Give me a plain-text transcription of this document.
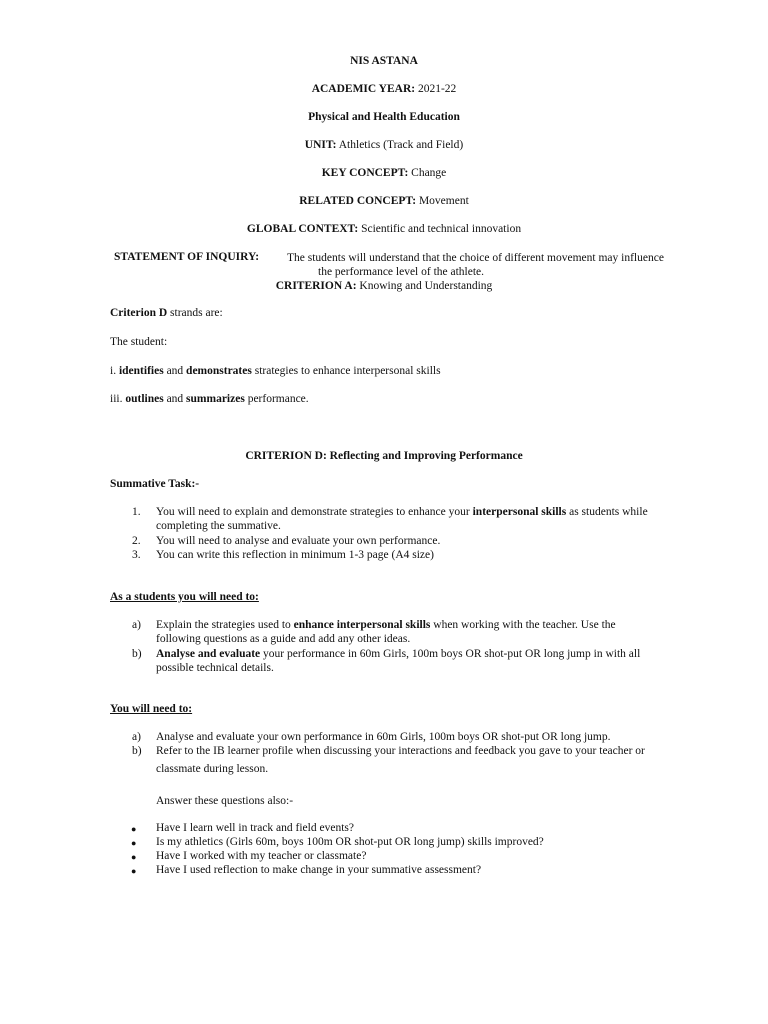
NIS ASTANA
ACADEMIC YEAR: 2021-22
Physical and Health Education
UNIT: Athletics (Track and Field)
KEY CONCEPT: Change
RELATED CONCEPT: Movement
GLOBAL CONTEXT: Scientific and technical innovation
STATEMENT OF INQUIRY: The students will understand that the choice of different movement may influence
the performance level of the athlete.
CRITERION A: Knowing and Understanding
Criterion D strands are:
The student:
i. identifies and demonstrates strategies to enhance interpersonal skills
iii. outlines and summarizes performance.
CRITERION D: Reflecting and Improving Performance
Summative Task:-
1. You will need to explain and demonstrate strategies to enhance your interpersonal skills as students while
completing the summative.
2. You will need to analyse and evaluate your own performance.
3. You can write this reflection in minimum 1-3 page (A4 size)
As a students you will need to:
a) Explain the strategies used to enhance interpersonal skills when working with the teacher. Use the
following questions as a guide and add any other ideas.
b) Analyse and evaluate your performance in 60m Girls, 100m boys OR shot-put OR long jump in with all
possible technical details.
You will need to:
a) Analyse and evaluate your own performance in 60m Girls, 100m boys OR shot-put OR long jump.
b) Refer to the IB learner profile when discussing your interactions and feedback you gave to your teacher or
classmate during lesson.
Answer these questions also:-
● Have I learn well in track and field events?
● Is my athletics (Girls 60m, boys 100m OR shot-put OR long jump) skills improved?
● Have I worked with my teacher or classmate?
● Have I used reflection to make change in your summative assessment?
